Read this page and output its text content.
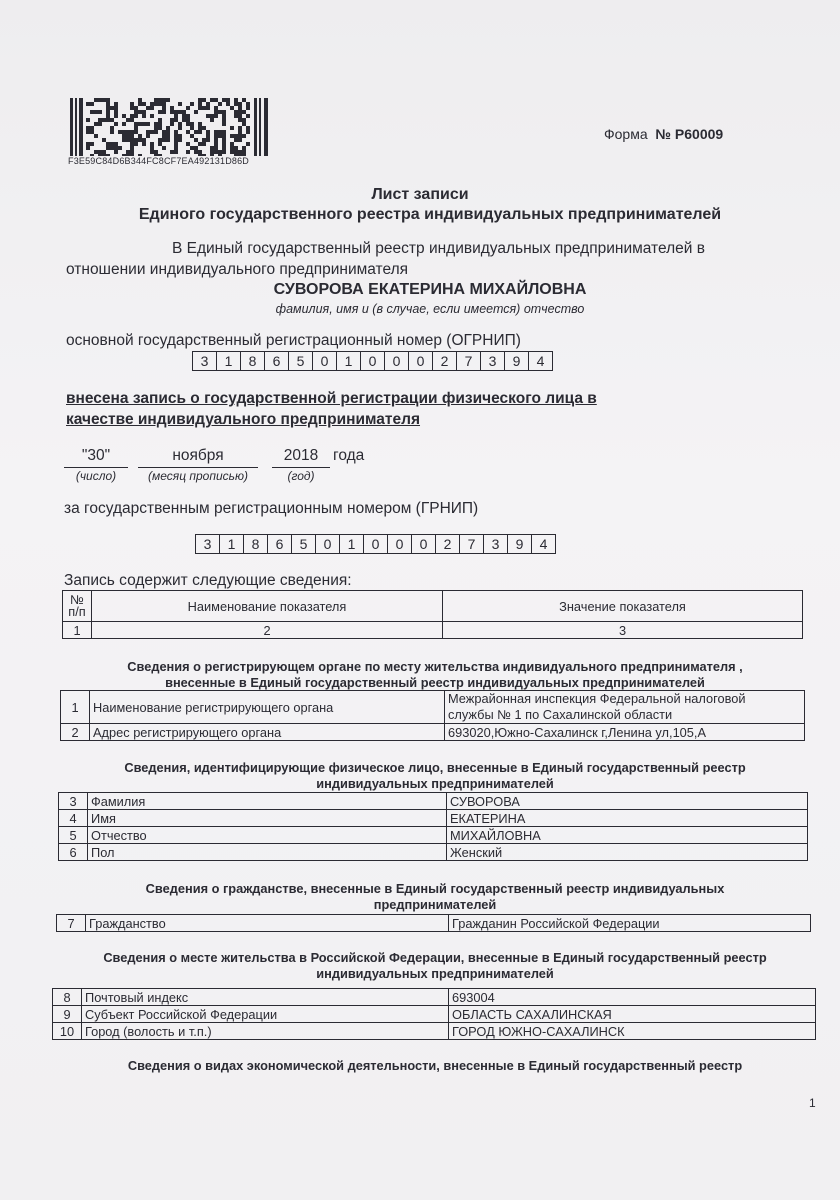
F3E59C84D6B344FC8CF7EA492131D86D
Форма № Р60009
Лист записи
Единого государственного реестра индивидуальных предпринимателей
В Единый государственный реестр индивидуальных предпринимателей в
отношении индивидуального предпринимателя
СУВОРОВА ЕКАТЕРИНА МИХАЙЛОВНА
фамилия, имя и (в случае, если имеется) отчество
основной государственный регистрационный номер (ОГРНИП)
3	1	8	6	5	0	1	0	0	0	2	7	3	9	4
внесена запись о государственной регистрации физического лица в
качестве индивидуального предпринимателя
"30"	ноября	2018 года
(число)	(месяц прописью)	(год)
за государственным регистрационным номером (ГРНИП)
3	1	8	6	5	0	1	0	0	0	2	7	3	9	4
Запись содержит следующие сведения:
№ п/п	Наименование показателя	Значение показателя
1	2	3
Сведения о регистрирующем органе по месту жительства индивидуального предпринимателя ,
внесенные в Единый государственный реестр индивидуальных предпринимателей
1	Наименование регистрирующего органа	Межрайонная инспекция Федеральной налоговой
службы № 1 по Сахалинской области

2	Адрес регистрирующего органа	693020,Южно-Сахалинск г,Ленина ул,105,А
Сведения, идентифицирующие физическое лицо, внесенные в Единый государственный реестр
индивидуальных предпринимателей
3	Фамилия	СУВОРОВА
4	Имя	ЕКАТЕРИНА
5	Отчество	МИХАЙЛОВНА
6	Пол	Женский
Сведения о гражданстве, внесенные в Единый государственный реестр индивидуальных
предпринимателей
7	Гражданство	Гражданин Российской Федерации
Сведения о месте жительства в Российской Федерации, внесенные в Единый государственный реестр
индивидуальных предпринимателей
8	Почтовый индекс	693004
9	Субъект Российской Федерации	ОБЛАСТЬ САХАЛИНСКАЯ
10	Город (волость и т.п.)	ГОРОД ЮЖНО-САХАЛИНСК
Сведения о видах экономической деятельности, внесенные в Единый государственный реестр
1
